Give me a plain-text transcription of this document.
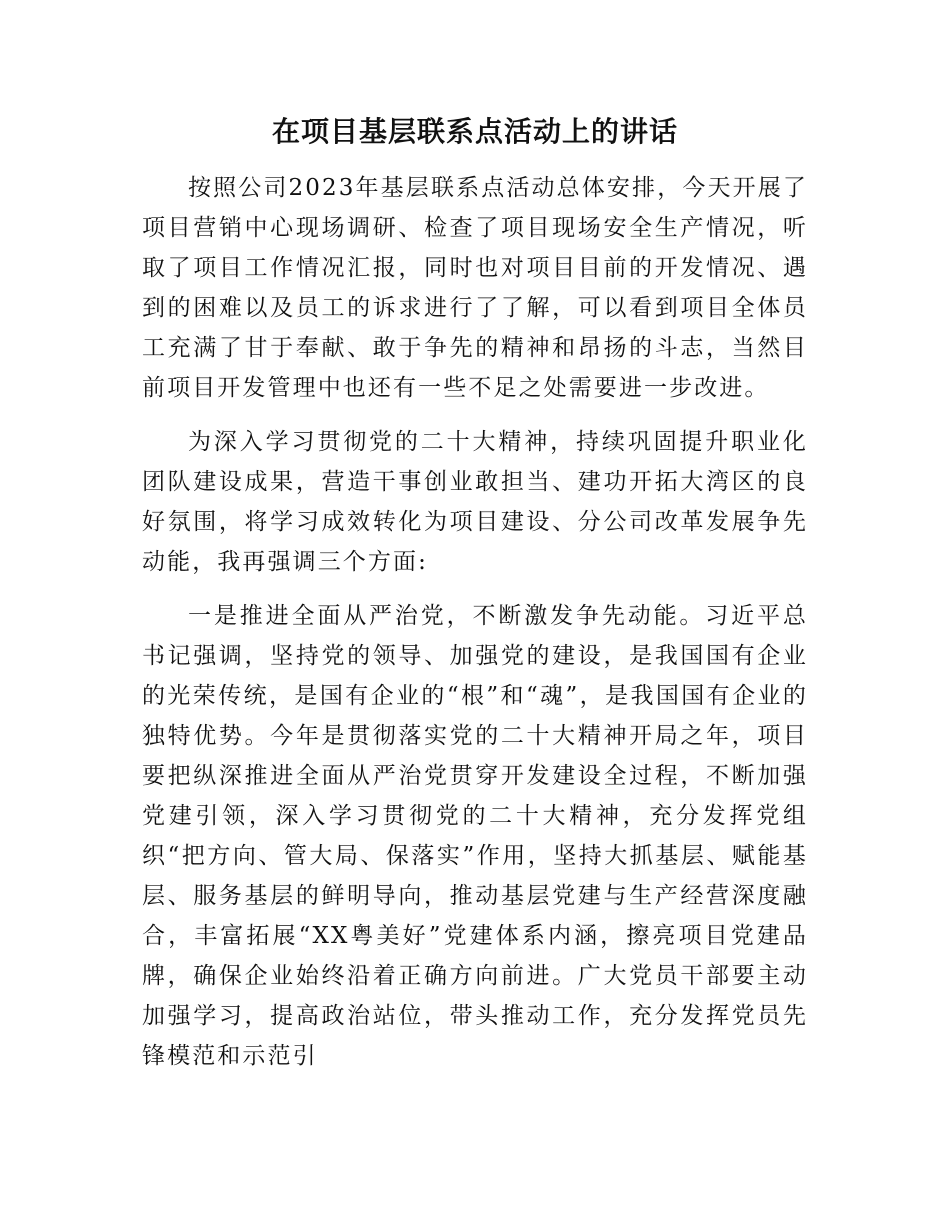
在项目基层联系点活动上的讲话

按照公司2023年基层联系点活动总体安排，今天开展了项目营销中心现场调研、检查了项目现场安全生产情况，听取了项目工作情况汇报，同时也对项目目前的开发情况、遇到的困难以及员工的诉求进行了了解，可以看到项目全体员工充满了甘于奉献、敢于争先的精神和昂扬的斗志，当然目前项目开发管理中也还有一些不足之处需要进一步改进。

为深入学习贯彻党的二十大精神，持续巩固提升职业化团队建设成果，营造干事创业敢担当、建功开拓大湾区的良好氛围，将学习成效转化为项目建设、分公司改革发展争先动能，我再强调三个方面:

一是推进全面从严治党，不断激发争先动能。习近平总书记强调，坚持党的领导、加强党的建设，是我国国有企业的光荣传统，是国有企业的“根”和“魂”，是我国国有企业的独特优势。今年是贯彻落实党的二十大精神开局之年，项目要把纵深推进全面从严治党贯穿开发建设全过程，不断加强党建引领，深入学习贯彻党的二十大精神，充分发挥党组织“把方向、管大局、保落实”作用，坚持大抓基层、赋能基层、服务基层的鲜明导向，推动基层党建与生产经营深度融合，丰富拓展“XX粤美好”党建体系内涵，擦亮项目党建品牌，确保企业始终沿着正确方向前进。广大党员干部要主动加强学习，提高政治站位，带头推动工作，充分发挥党员先锋模范和示范引
